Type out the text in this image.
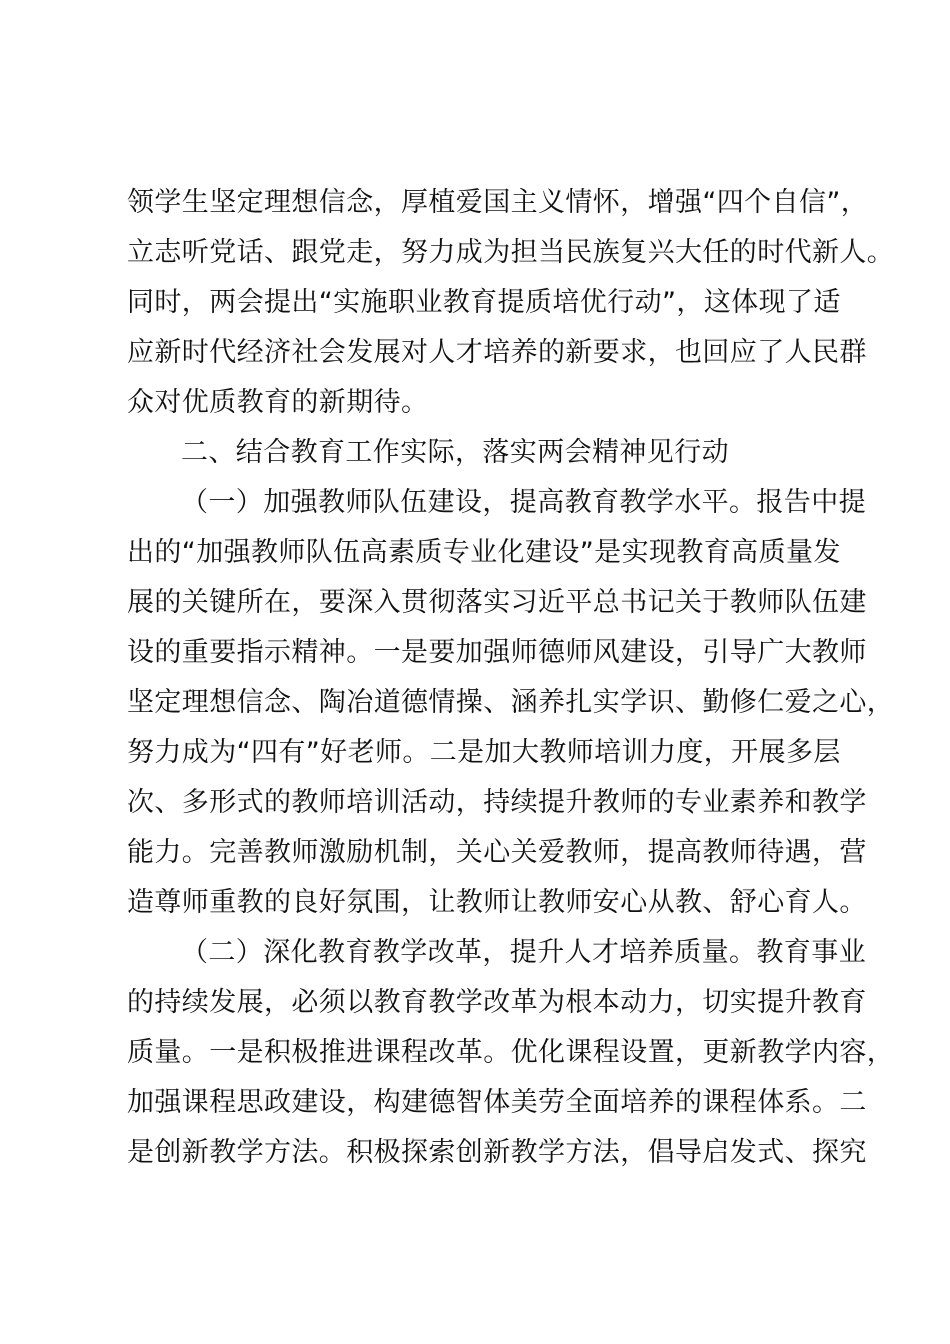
领学生坚定理想信念，厚植爱国主义情怀，增强“四个自信”，
立志听党话、跟党走，努力成为担当民族复兴大任的时代新人。
同时，两会提出“实施职业教育提质培优行动”，这体现了适
应新时代经济社会发展对人才培养的新要求，也回应了人民群
众对优质教育的新期待。
二、结合教育工作实际，落实两会精神见行动
（一）加强教师队伍建设，提高教育教学水平。报告中提
出的“加强教师队伍高素质专业化建设”是实现教育高质量发
展的关键所在，要深入贯彻落实习近平总书记关于教师队伍建
设的重要指示精神。一是要加强师德师风建设，引导广大教师
坚定理想信念、陶冶道德情操、涵养扎实学识、勤修仁爱之心，
努力成为“四有”好老师。二是加大教师培训力度，开展多层
次、多形式的教师培训活动，持续提升教师的专业素养和教学
能力。完善教师激励机制，关心关爱教师，提高教师待遇，营
造尊师重教的良好氛围，让教师让教师安心从教、舒心育人。
（二）深化教育教学改革，提升人才培养质量。教育事业
的持续发展，必须以教育教学改革为根本动力，切实提升教育
质量。一是积极推进课程改革。优化课程设置，更新教学内容，
加强课程思政建设，构建德智体美劳全面培养的课程体系。二
是创新教学方法。积极探索创新教学方法，倡导启发式、探究
